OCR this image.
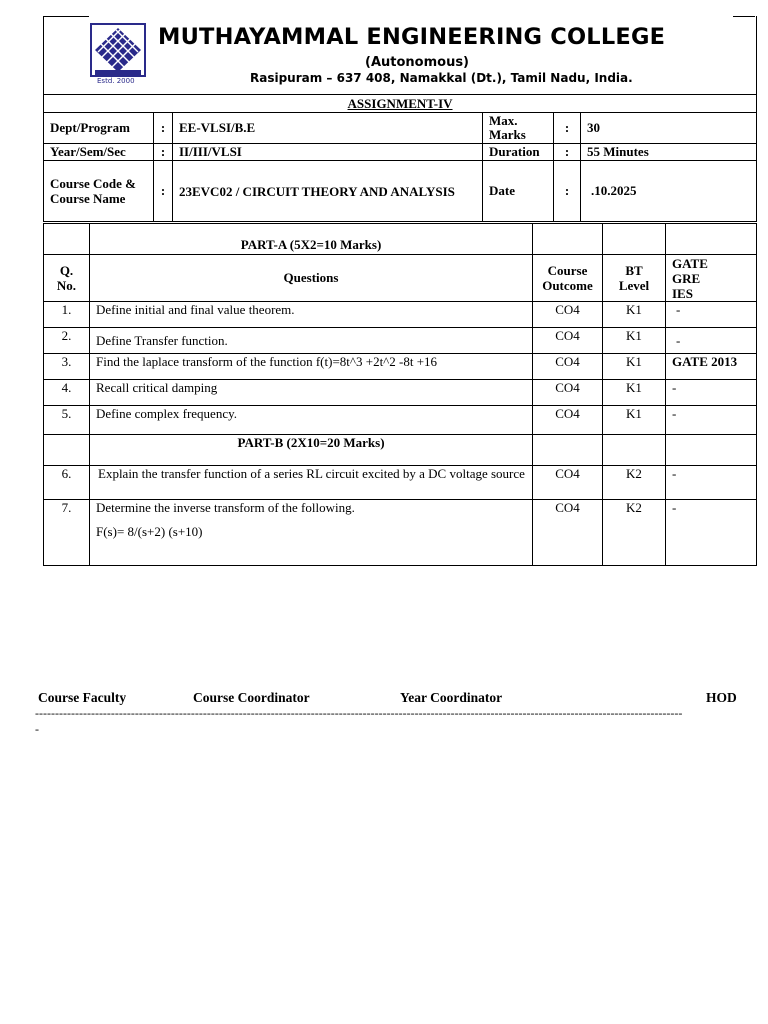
Estd. 2000
MUTHAYAMMAL ENGINEERING COLLEGE
(Autonomous)
Rasipuram – 637 408, Namakkal (Dt.), Tamil Nadu, India.
ASSIGNMENT-IV					
Dept/Program	:	EE-VLSI/B.E	Max. Marks	:	30
Year/Sem/Sec	:	II/III/VLSI	Duration	:	55 Minutes
Course Code & Course Name	:	23EVC02 / CIRCUIT THEORY AND ANALYSIS	Date	:	.10.2025
	PART-A (5X2=10 Marks)			
Q. No.	Questions	Course Outcome	BT Level	GATE GRE IES

1.	Define initial and final value theorem.	CO4	K1	-
2.	Define Transfer function.	CO4	K1	-
3.	Find the laplace transform of the function f(t)=8t^3 +2t^2 -8t +16	CO4	K1	GATE 2013
4.	Recall critical damping	CO4	K1	-
5.	Define complex frequency.	CO4	K1	-
	PART-B (2X10=20 Marks)			
6.	Explain the transfer function of a series RL circuit excited by a DC voltage source	CO4	K2	-
7.	Determine the inverse transform of the following.
F(s)= 8/(s+2) (s+10)	CO4	K2	-
Course Faculty	Course Coordinator	Year Coordinator	HOD
------------------------------------------------------------------------------------------------------------------------------------------------------------------
-
